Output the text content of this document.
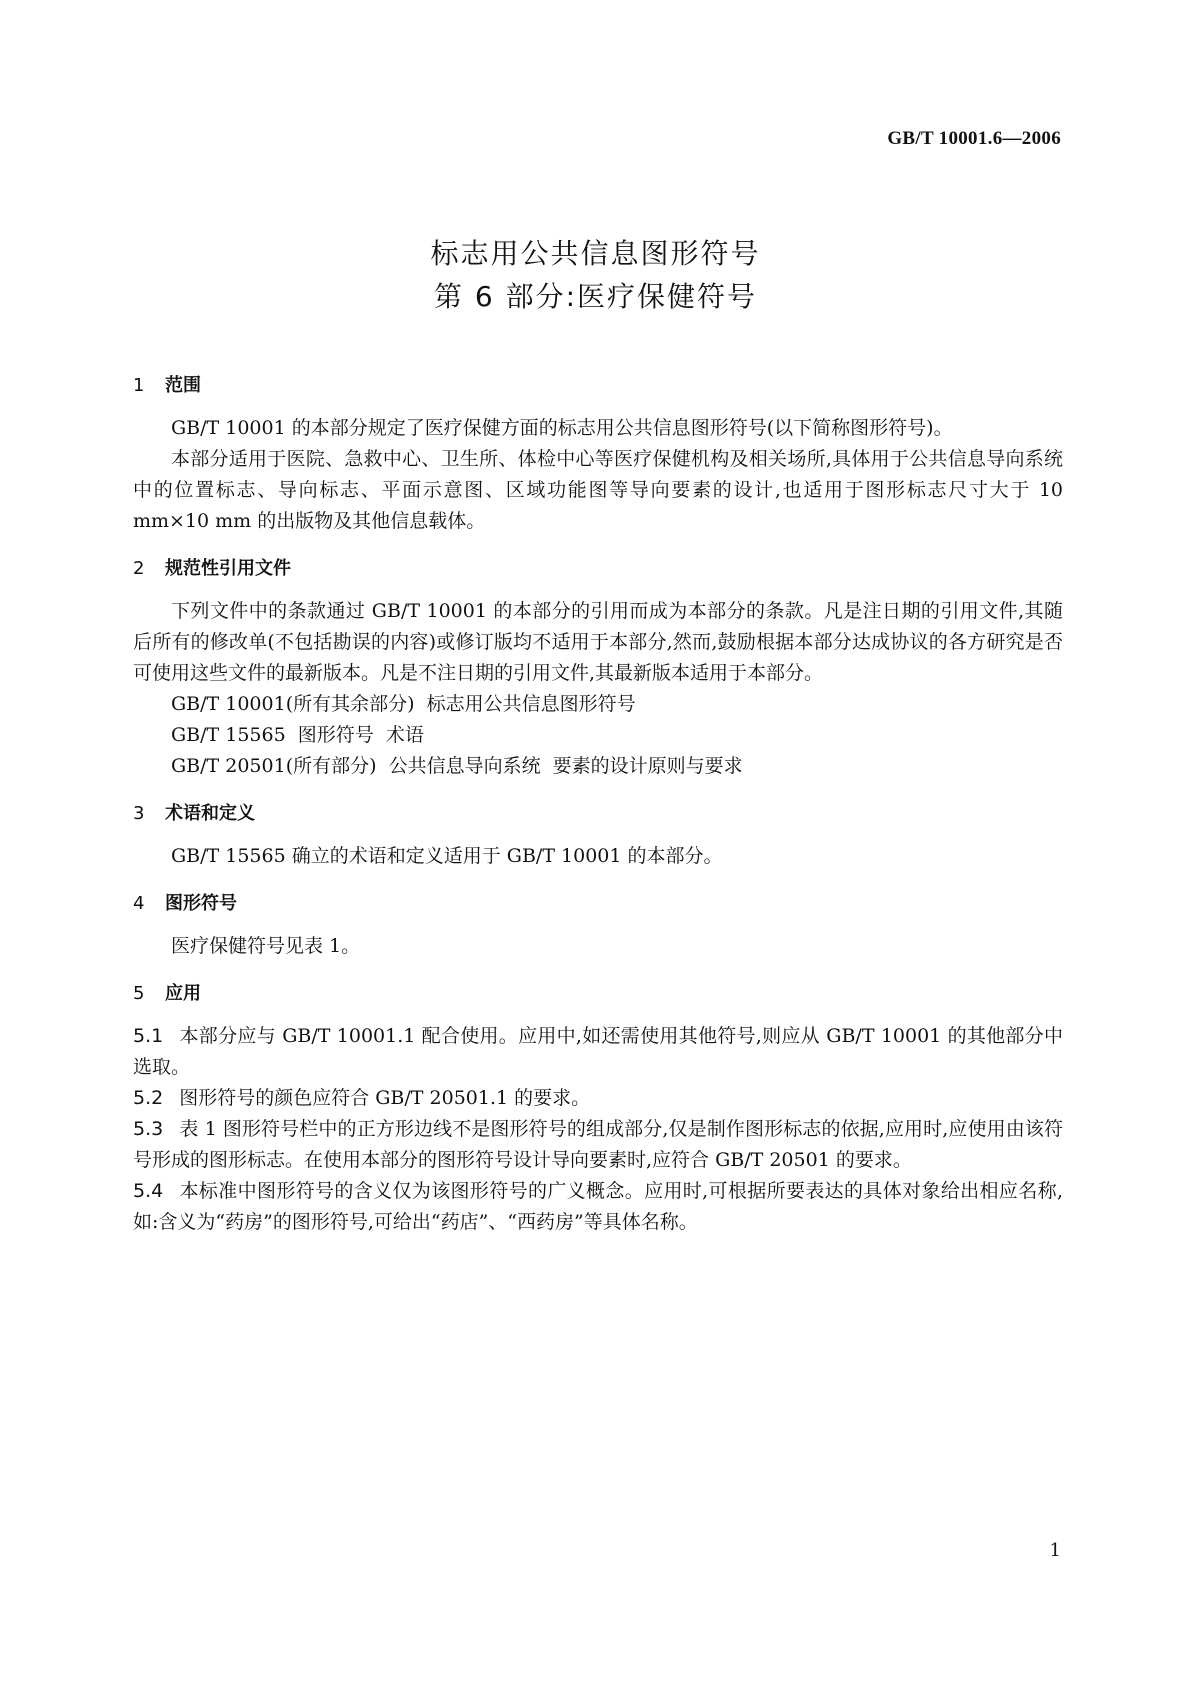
GB/T 10001.6—2006
标志用公共信息图形符号
第 6 部分:医疗保健符号
1 范围

GB/T 10001 的本部分规定了医疗保健方面的标志用公共信息图形符号(以下简称图形符号)。

本部分适用于医院、急救中心、卫生所、体检中心等医疗保健机构及相关场所,具体用于公共信息导向系统中的位置标志、导向标志、平面示意图、区域功能图等导向要素的设计,也适用于图形标志尺寸大于 10 mm×10 mm 的出版物及其他信息载体。

2 规范性引用文件

下列文件中的条款通过 GB/T 10001 的本部分的引用而成为本部分的条款。凡是注日期的引用文件,其随后所有的修改单(不包括勘误的内容)或修订版均不适用于本部分,然而,鼓励根据本部分达成协议的各方研究是否可使用这些文件的最新版本。凡是不注日期的引用文件,其最新版本适用于本部分。

GB/T 10001(所有其余部分)  标志用公共信息图形符号

GB/T 15565  图形符号  术语

GB/T 20501(所有部分)  公共信息导向系统  要素的设计原则与要求

3 术语和定义

GB/T 15565 确立的术语和定义适用于 GB/T 10001 的本部分。

4 图形符号

医疗保健符号见表 1。

5 应用

5.1 本部分应与 GB/T 10001.1 配合使用。应用中,如还需使用其他符号,则应从 GB/T 10001 的其他部分中选取。

5.2 图形符号的颜色应符合 GB/T 20501.1 的要求。

5.3 表 1 图形符号栏中的正方形边线不是图形符号的组成部分,仅是制作图形标志的依据,应用时,应使用由该符号形成的图形标志。在使用本部分的图形符号设计导向要素时,应符合 GB/T 20501 的要求。

5.4 本标准中图形符号的含义仅为该图形符号的广义概念。应用时,可根据所要表达的具体对象给出相应名称,如:含义为“药房”的图形符号,可给出“药店”、“西药房”等具体名称。

1
